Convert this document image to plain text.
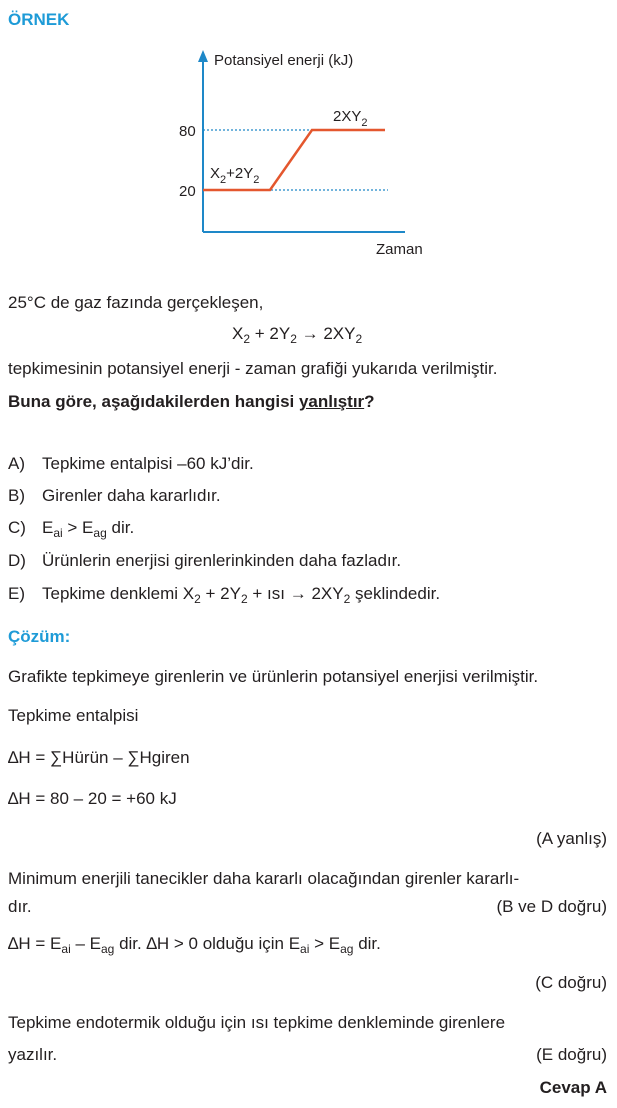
ÖRNEK
Potansiyel enerji (kJ)
Zaman
80
20
$X_2+2Y_2$
$2XY_2$
25°C de gaz fazında gerçekleşen,
$X_2 + 2Y_2 \to 2XY_2$
tepkimesinin potansiyel enerji - zaman grafiği yukarıda verilmiştir.
Buna göre, aşağıdakilerden hangisi yanlıştır?
A) Tepkime entalpisi –60 kJ’dir.
B) Girenler daha kararlıdır.
C) $E_{ai} > E_{ag}$ dir.
D) Ürünlerin enerjisi girenlerinkinden daha fazladır.
E) Tepkime denklemi $X_2 + 2Y_2$ + ısı → $2XY_2$ şeklindedir.
Çözüm:
Grafikte tepkimeye girenlerin ve ürünlerin potansiyel enerjisi verilmiştir.
Tepkime entalpisi
∆H = ∑Hürün – ∑Hgiren
∆H = 80 – 20 = +60 kJ
(A yanlış)
Minimum enerjili tanecikler daha kararlı olacağından girenler kararlı-
dır.	(B ve D doğru)
$\Delta H = E_{ai} - E_{ag}$ dir. ∆H > 0 olduğu için $E_{ai} > E_{ag}$ dir.
(C doğru)
Tepkime endotermik olduğu için ısı tepkime denkleminde girenlere
yazılır.	(E doğru)
Cevap A
